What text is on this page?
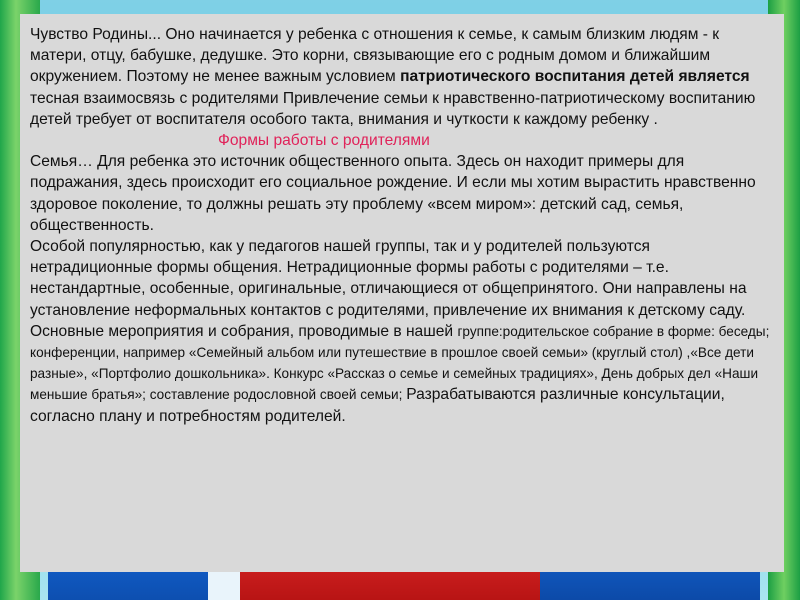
Чувство Родины... Оно начинается у ребенка с отношения к семье, к самым близким людям - к матери, отцу, бабушке, дедушке. Это корни, связывающие его с родным домом и ближайшим окружением. Поэтому не менее важным условием патриотического воспитания детей является тесная взаимосвязь с родителями Привлечение семьи к нравственно-патриотическому воспитанию детей требует от воспитателя особого такта, внимания и чуткости к каждому ребенку .

Формы работы с родителями

Семья… Для ребенка это источник общественного опыта. Здесь он находит примеры для подражания, здесь происходит его социальное рождение. И если мы хотим вырастить нравственно здоровое поколение, то должны решать эту проблему «всем миром»: детский сад, семья, общественность.

Особой популярностью, как у педагогов нашей группы, так и у родителей пользуются нетрадиционные формы общения. Нетрадиционные формы работы с родителями – т.е. нестандартные, особенные, оригинальные, отличающиеся от общепринятого. Они направлены на установление неформальных контактов с родителями, привлечение их внимания к детскому саду. Основные мероприятия и собрания, проводимые в нашей группе:родительское собрание в форме: беседы; конференции, например «Семейный альбом или путешествие в прошлое своей семьи» (круглый стол) ,«Все дети разные», «Портфолио дошкольника». Конкурс «Рассказ о семье и семейных традициях», День добрых дел «Наши меньшие братья»; составление родословной своей семьи; Разрабатываются различные консультации, согласно плану и потребностям родителей.
